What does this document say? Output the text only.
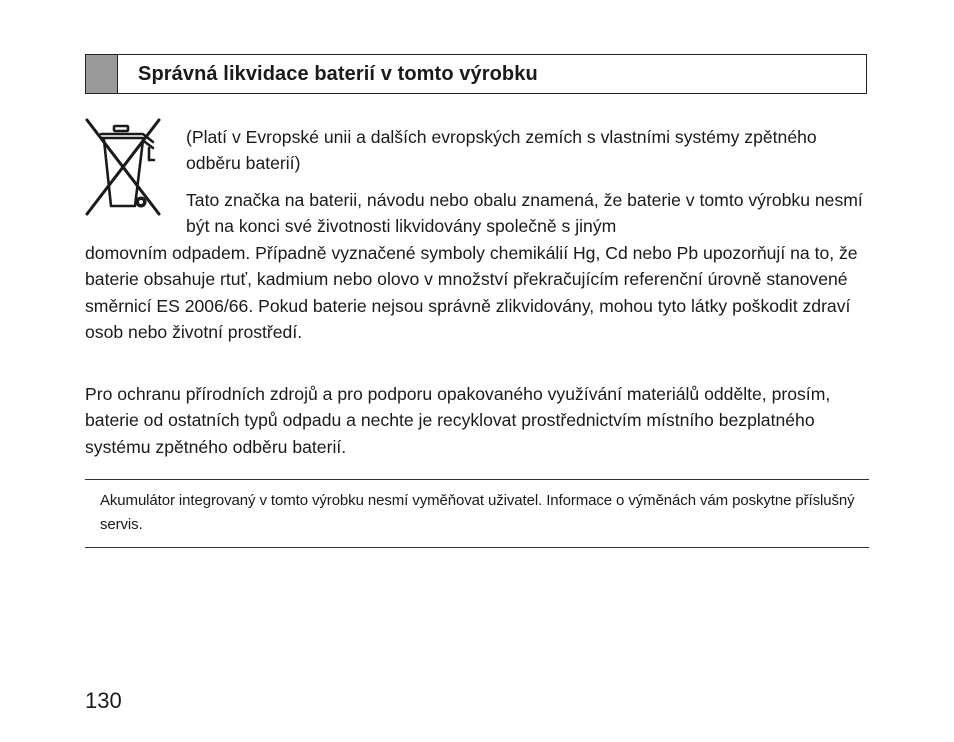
Správná likvidace baterií v tomto výrobku

(Platí v Evropské unii a dalších evropských zemích s vlastními systémy zpětného odběru baterií)

Tato značka na baterii, návodu nebo obalu znamená, že baterie v tomto výrobku nesmí být na konci své životnosti likvidovány společně s jiným

domovním odpadem. Případně vyznačené symboly chemikálií Hg, Cd nebo Pb upozorňují na to, že baterie obsahuje rtuť, kadmium nebo olovo v množství překračujícím referenční úrovně stanovené směrnicí ES 2006/66. Pokud baterie nejsou správně zlikvidovány, mohou tyto látky poškodit zdraví osob nebo životní prostředí.

Pro ochranu přírodních zdrojů a pro podporu opakovaného využívání materiálů oddělte, prosím, baterie od ostatních typů odpadu a nechte je recyklovat prostřednictvím místního bezplatného systému zpětného odběru baterií.

Akumulátor integrovaný v tomto výrobku nesmí vyměňovat uživatel. Informace o výměnách vám poskytne příslušný servis.

130
